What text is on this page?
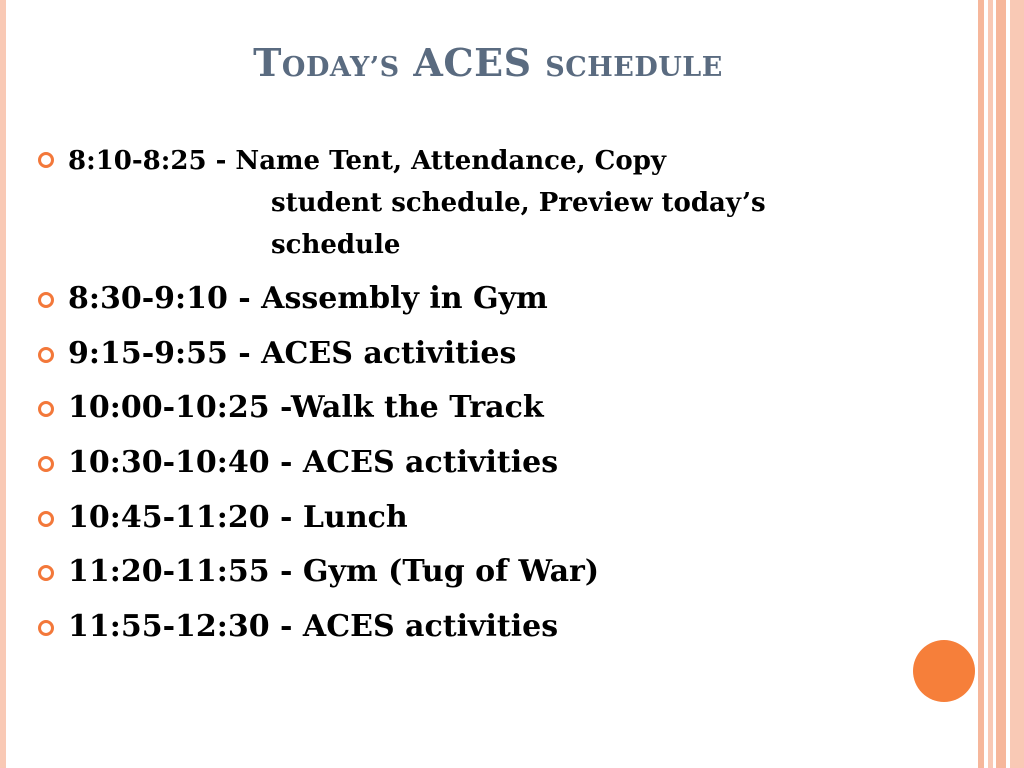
TODAY’S ACES SCHEDULE
8:10-8:25 - Name Tent, Attendance, Copy
student schedule, Preview today’s
schedule
8:30-9:10 - Assembly in Gym
9:15-9:55 - ACES activities
10:00-10:25 -Walk the Track
10:30-10:40 - ACES activities
10:45-11:20 - Lunch
11:20-11:55 - Gym (Tug of War)
11:55-12:30 - ACES activities
